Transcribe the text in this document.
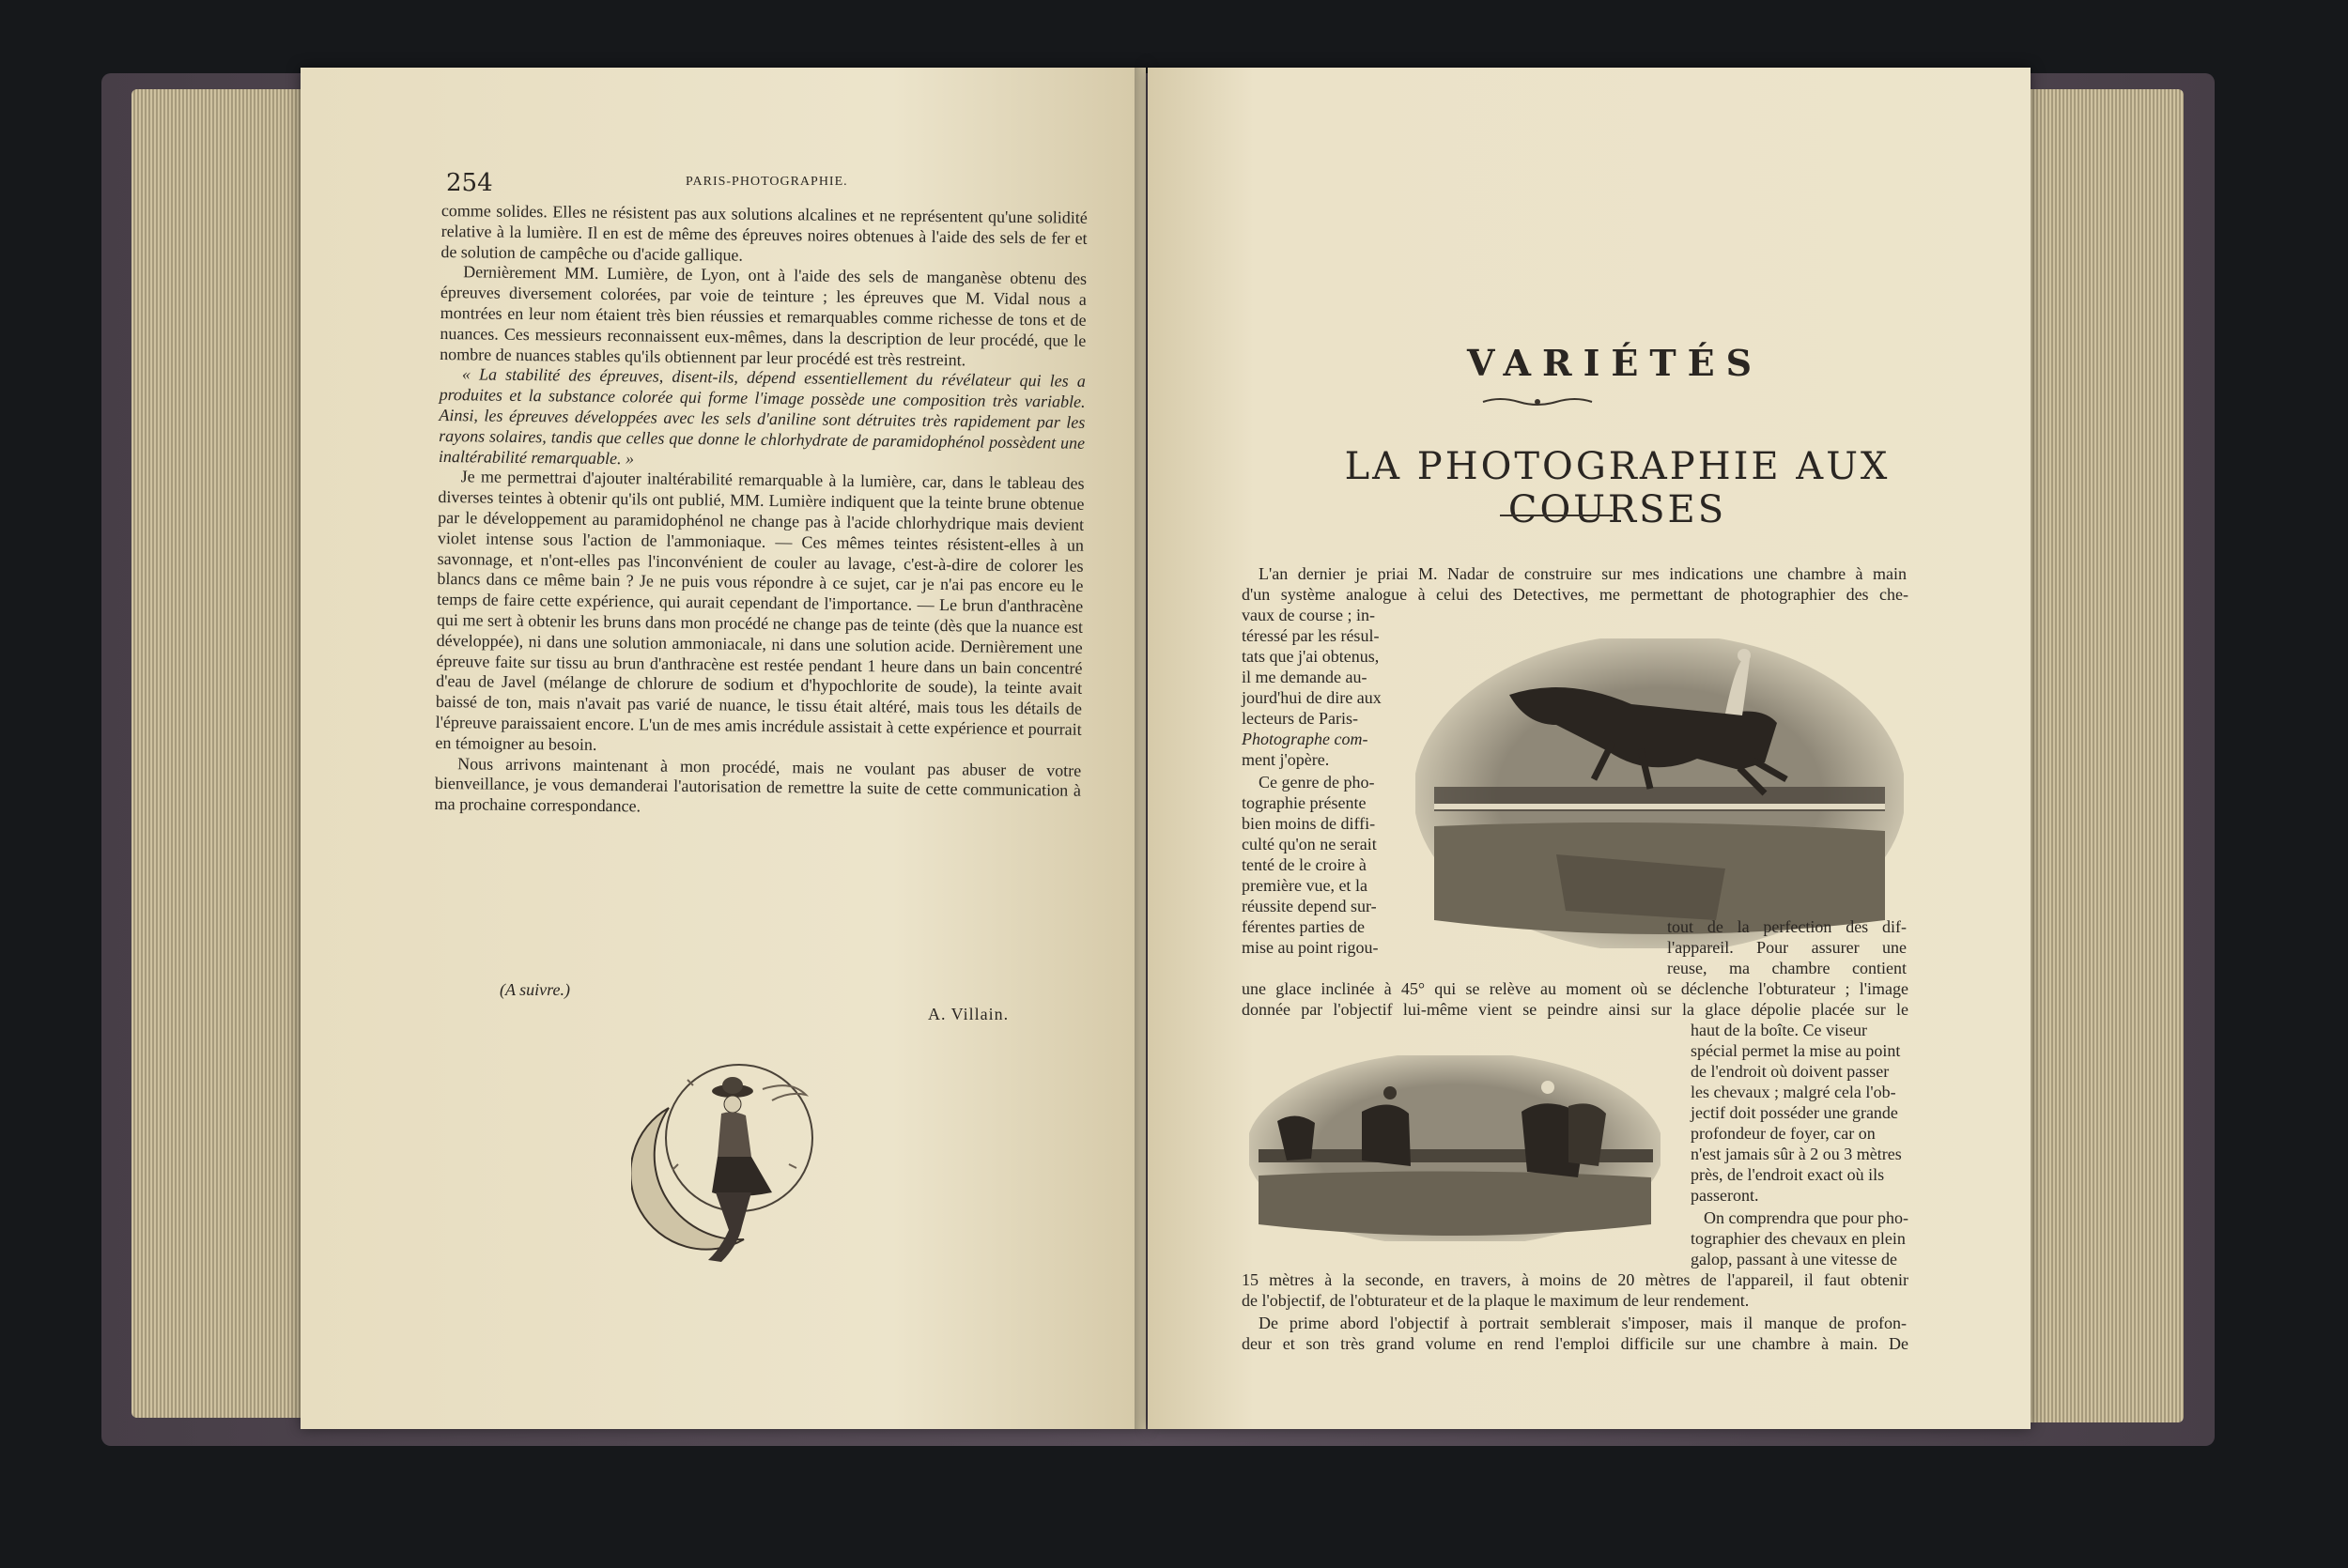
254	PARIS-PHOTOGRAPHIE.

comme solides. Elles ne résistent pas aux solutions alcalines et ne représentent qu'une solidité relative à la lumière. Il en est de même des épreuves noires obtenues à l'aide des sels de fer et de solution de campêche ou d'acide gallique.

Dernièrement MM. Lumière, de Lyon, ont à l'aide des sels de manganèse obtenu des épreuves diversement colorées, par voie de teinture ; les épreuves que M. Vidal nous a montrées en leur nom étaient très bien réussies et remarquables comme richesse de tons et de nuances. Ces messieurs reconnaissent eux-mêmes, dans la description de leur procédé, que le nombre de nuances stables qu'ils obtiennent par leur procédé est très restreint.

« La stabilité des épreuves, disent-ils, dépend essentiellement du révélateur qui les a produites et la substance colorée qui forme l'image possède une composition très variable. Ainsi, les épreuves développées avec les sels d'aniline sont détruites très rapidement par les rayons solaires, tandis que celles que donne le chlorhydrate de paramidophénol possèdent une inaltérabilité remarquable. »

Je me permettrai d'ajouter inaltérabilité remarquable à la lumière, car, dans le tableau des diverses teintes à obtenir qu'ils ont publié, MM. Lumière indiquent que la teinte brune obtenue par le développement au paramidophénol ne change pas à l'acide chlorhydrique mais devient violet intense sous l'action de l'ammoniaque. — Ces mêmes teintes résistent-elles à un savonnage, et n'ont-elles pas l'inconvénient de couler au lavage, c'est-à-dire de colorer les blancs dans ce même bain ? Je ne puis vous répondre à ce sujet, car je n'ai pas encore eu le temps de faire cette expérience, qui aurait cependant de l'importance. — Le brun d'anthracène qui me sert à obtenir les bruns dans mon procédé ne change pas de teinte (dès que la nuance est développée), ni dans une solution ammoniacale, ni dans une solution acide. Dernièrement une épreuve faite sur tissu au brun d'anthracène est restée pendant 1 heure dans un bain concentré d'eau de Javel (mélange de chlorure de sodium et d'hypochlorite de soude), la teinte avait baissé de ton, mais n'avait pas varié de nuance, le tissu était altéré, mais tous les détails de l'épreuve paraissaient encore. L'un de mes amis incrédule assistait à cette expérience et pourrait en témoigner au besoin.

Nous arrivons maintenant à mon procédé, mais ne voulant pas abuser de votre bienveillance, je vous demanderai l'autorisation de remettre la suite de cette communication à ma prochaine correspondance.

(A suivre.)
A. Villain.
VARIÉTÉS
LA PHOTOGRAPHIE AUX COURSES
L'an dernier je priai M. Nadar de construire sur mes indications une chambre à main
d'un système analogue à celui des Detectives, me permettant de photographier des che-
vaux de course ; in-
téressé par les résul-
tats que j'ai obtenus,
il me demande au-
jourd'hui de dire aux
lecteurs de Paris-
Photographe com-
ment j'opère.
Ce genre de pho-
tographie présente
bien moins de diffi-
culté qu'on ne serait
tenté de le croire à
première vue, et la
réussite depend sur-
férentes parties de
mise au point rigou-
tout de la perfection des dif-
l'appareil. Pour assurer une
reuse, ma chambre contient
une glace inclinée à 45° qui se relève au moment où se déclenche l'obturateur ; l'image
donnée par l'objectif lui-même vient se peindre ainsi sur la glace dépolie placée sur le
haut de la boîte. Ce viseur
spécial permet la mise au point
de l'endroit où doivent passer
les chevaux ; malgré cela l'ob-
jectif doit posséder une grande
profondeur de foyer, car on
n'est jamais sûr à 2 ou 3 mètres
près, de l'endroit exact où ils
passeront.
On comprendra que pour pho-
tographier des chevaux en plein
galop, passant à une vitesse de
15 mètres à la seconde, en travers, à moins de 20 mètres de l'appareil, il faut obtenir
de l'objectif, de l'obturateur et de la plaque le maximum de leur rendement.
De prime abord l'objectif à portrait semblerait s'imposer, mais il manque de profon-
deur et son très grand volume en rend l'emploi difficile sur une chambre à main. De
